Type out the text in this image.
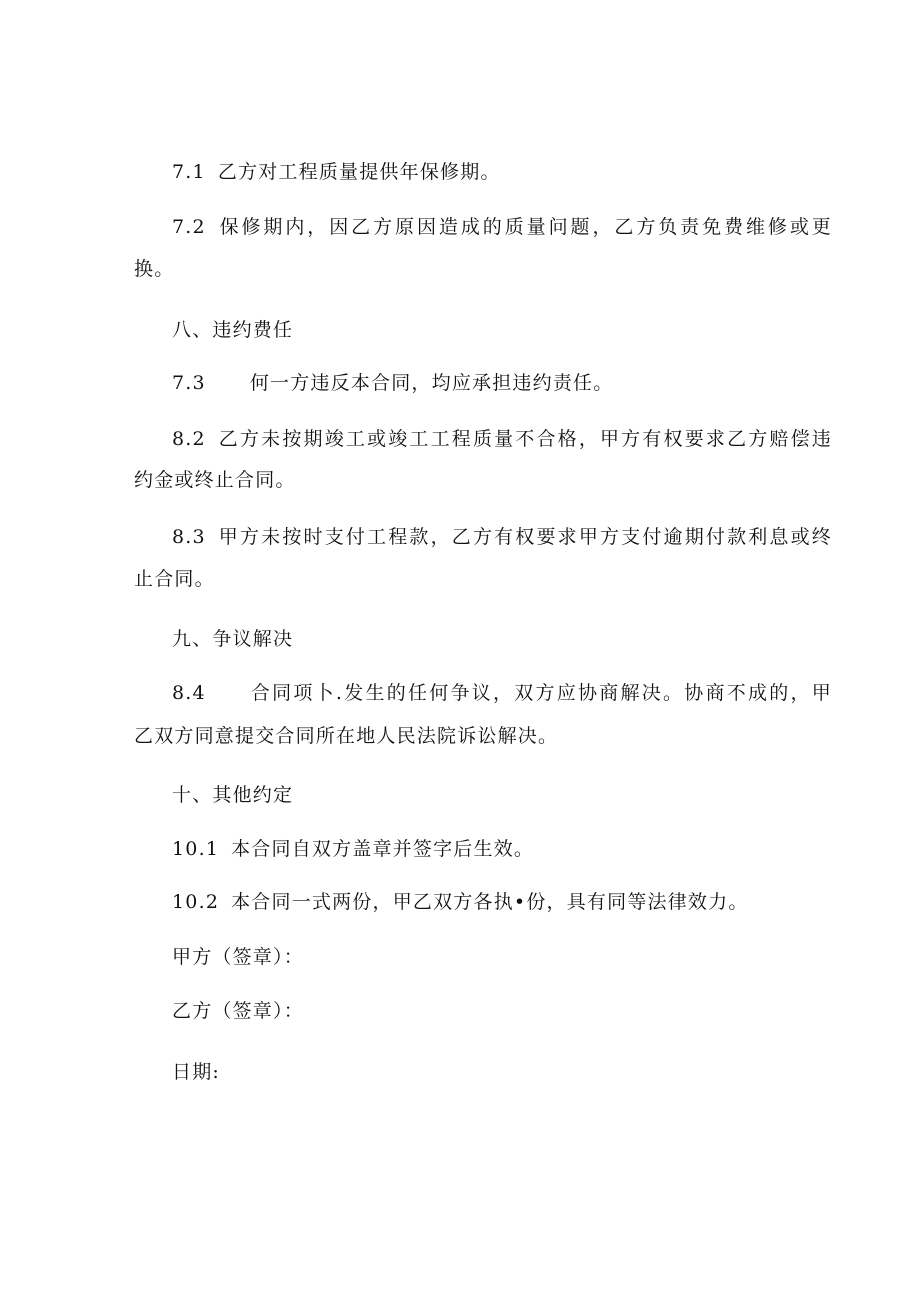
7.1 乙方对工程质量提供年保修期。
7.2 保修期内，因乙方原因造成的质量问题，乙方负责免费维修或更
换。
八、违约费任
7.3 何一方违反本合同，均应承担违约责任。
8.2 乙方未按期竣工或竣工工程质量不合格，甲方有权要求乙方赔偿违
约金或终止合同。
8.3 甲方未按时支付工程款，乙方有权要求甲方支付逾期付款利息或终
止合同。
九、争议解决
8.4 合同项卜.发生的任何争议，双方应协商解决。协商不成的，甲
乙双方同意提交合同所在地人民法院诉讼解决。
十、其他约定
10.1 本合同自双方盖章并签字后生效。
10.2 本合同一式两份，甲乙双方各执•份，具有同等法律效力。
甲方（签章）：
乙方（签章）：
日期:
